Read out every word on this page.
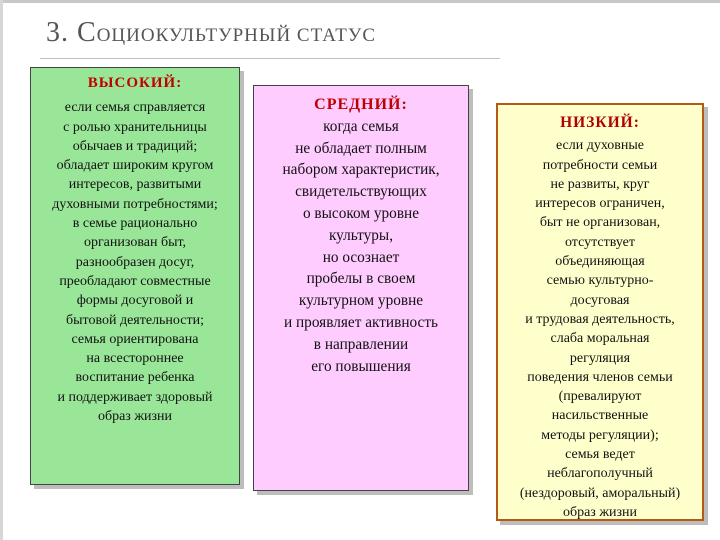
3. СОЦИОКУЛЬТУРНЫЙ СТАТУС
ВЫСОКИЙ:
если семья справляется
с ролью хранительницы
обычаев и традиций;
обладает широким кругом
интересов, развитыми
духовными потребностями;
в семье рационально
организован быт,
разнообразен досуг,
преобладают совместные
формы досуговой и
бытовой деятельности;
семья ориентирована
на всестороннее
воспитание ребенка
и поддерживает здоровый
образ жизни
СРЕДНИЙ:
когда семья
не обладает полным
набором характеристик,
свидетельствующих
о высоком уровне
культуры,
но осознает
пробелы в своем
культурном уровне
и проявляет активность
в направлении
его повышения
НИЗКИЙ:
если духовные
потребности семьи
не развиты, круг
интересов ограничен,
быт не организован,
отсутствует
объединяющая
семью культурно-
досуговая
и трудовая деятельность,
слаба моральная
регуляция
поведения членов семьи
(превалируют
насильственные
методы регуляции);
семья ведет
неблагополучный
(нездоровый, аморальный)
образ жизни
